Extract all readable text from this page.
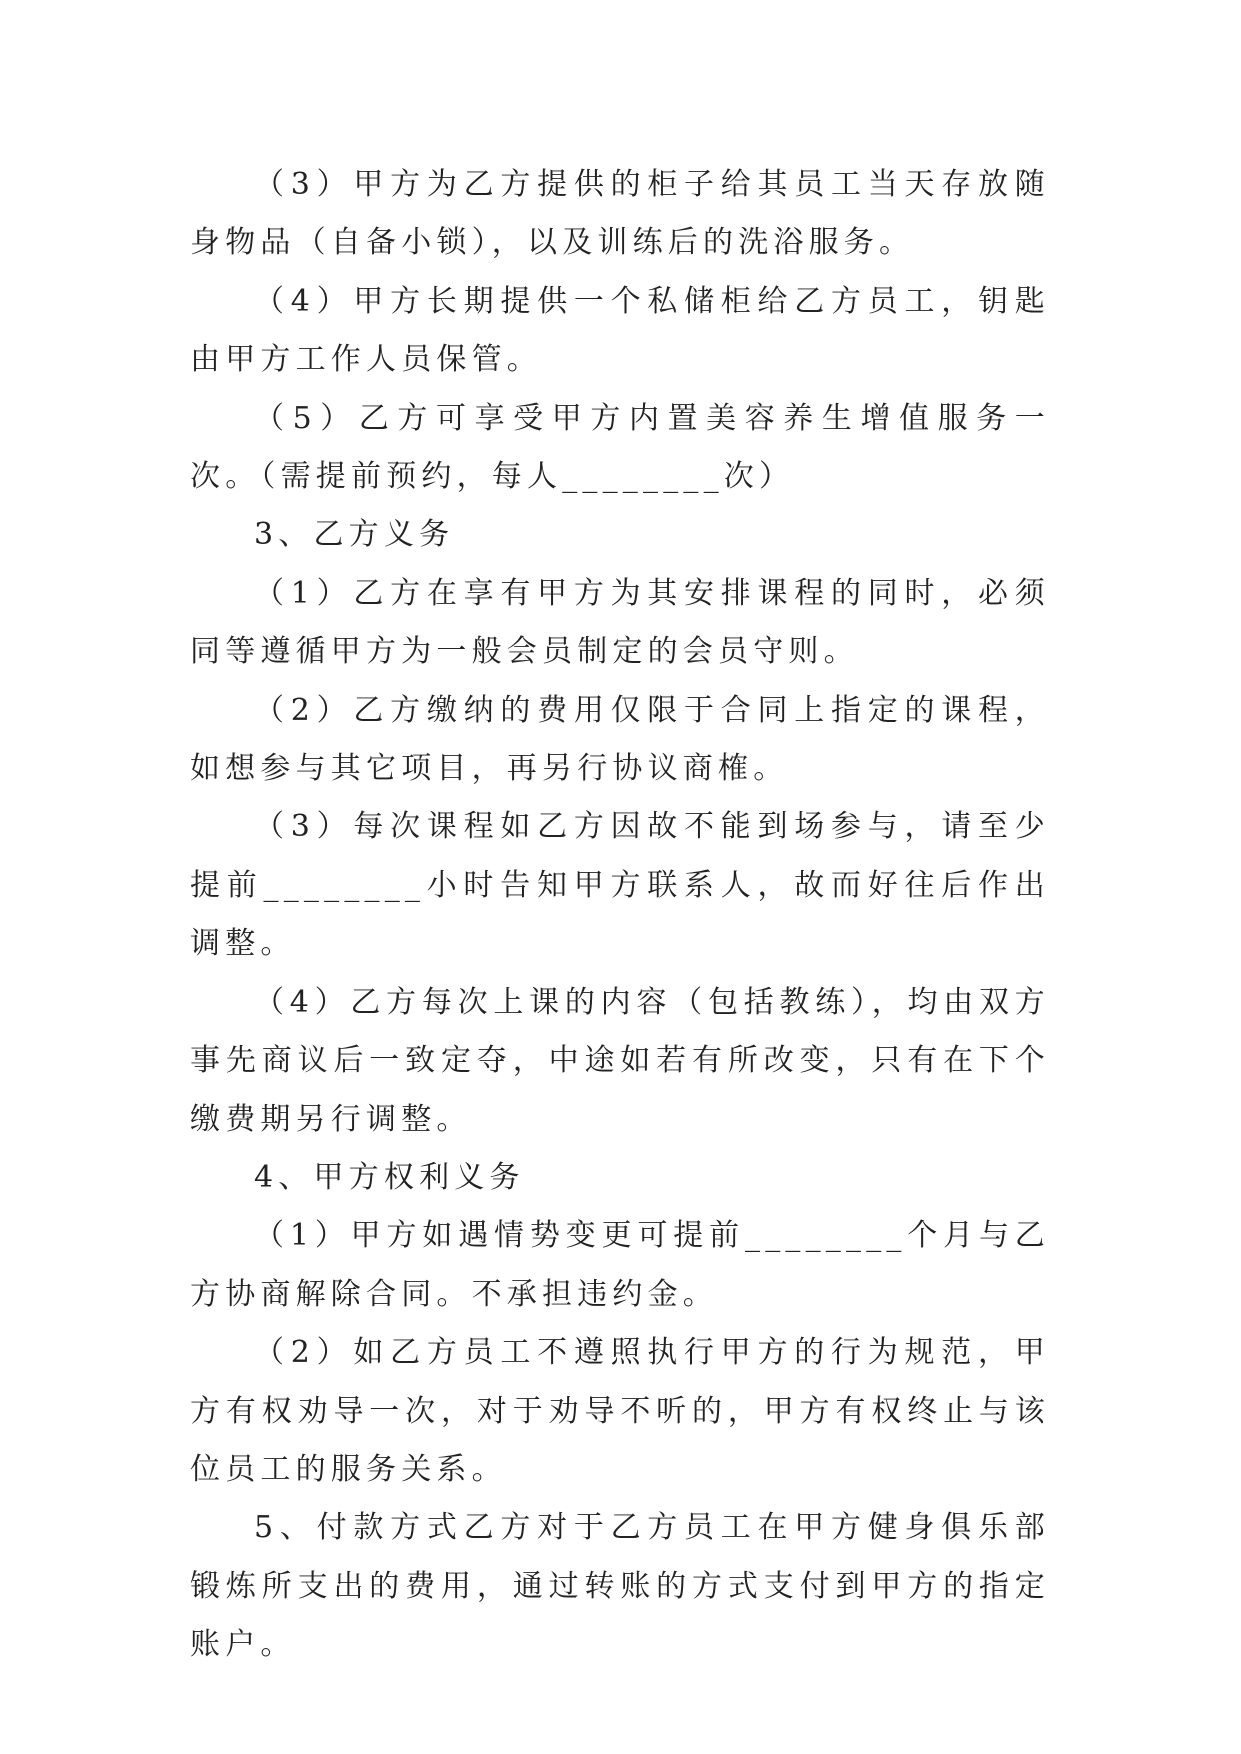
（3）甲方为乙方提供的柜子给其员工当天存放随身物品（自备小锁），以及训练后的洗浴服务。

（4）甲方长期提供一个私储柜给乙方员工，钥匙由甲方工作人员保管。

（5）乙方可享受甲方内置美容养生增值服务一次。（需提前预约，每人________次）

3、乙方义务

（1）乙方在享有甲方为其安排课程的同时，必须同等遵循甲方为一般会员制定的会员守则。

（2）乙方缴纳的费用仅限于合同上指定的课程，如想参与其它项目，再另行协议商榷。

（3）每次课程如乙方因故不能到场参与，请至少提前________小时告知甲方联系人，故而好往后作出调整。

（4）乙方每次上课的内容（包括教练），均由双方事先商议后一致定夺，中途如若有所改变，只有在下个缴费期另行调整。

4、甲方权利义务

（1）甲方如遇情势变更可提前________个月与乙方协商解除合同。不承担违约金。

（2）如乙方员工不遵照执行甲方的行为规范，甲方有权劝导一次，对于劝导不听的，甲方有权终止与该位员工的服务关系。

5、付款方式乙方对于乙方员工在甲方健身俱乐部锻炼所支出的费用，通过转账的方式支付到甲方的指定账户。
